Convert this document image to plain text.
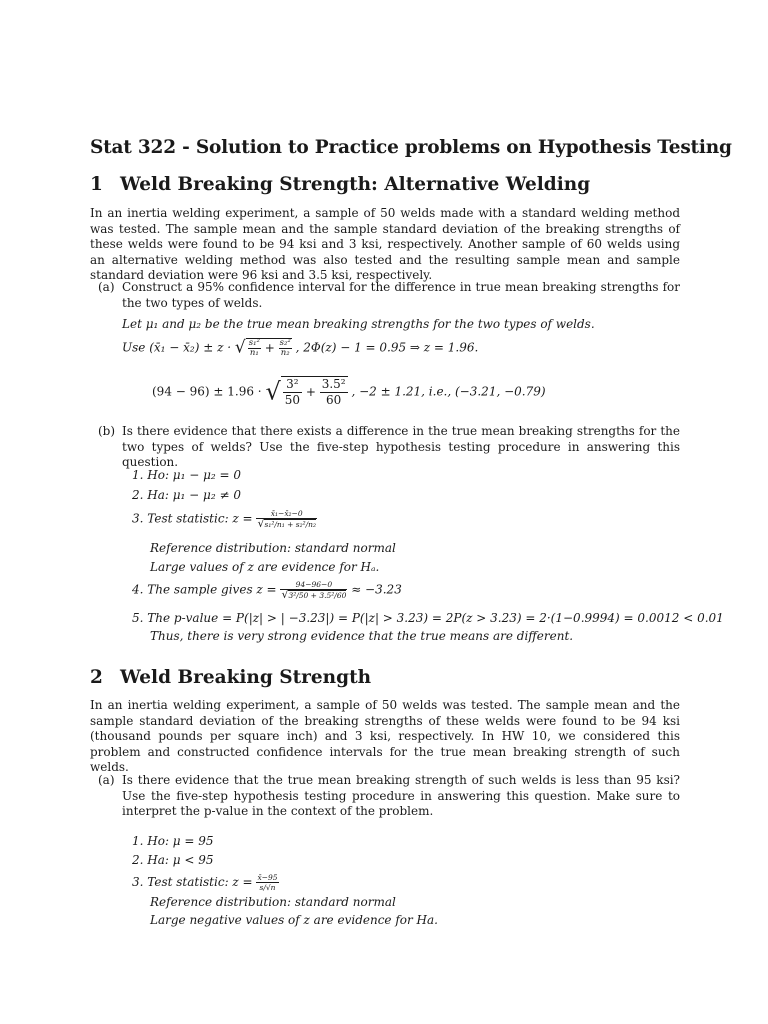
Stat 322 - Solution to Practice problems on Hypothesis Testing
1 Weld Breaking Strength: Alternative Welding
In an inertia welding experiment, a sample of 50 welds made with a standard welding method was tested. The sample mean and the sample standard deviation of the breaking strengths of these welds were found to be 94 ksi and 3 ksi, respectively. Another sample of 60 welds using an alternative welding method was also tested and the resulting sample mean and sample standard deviation were 96 ksi and 3.5 ksi, respectively.
(a) Construct a 95% confidence interval for the difference in true mean breaking strengths for the two types of welds.
Let μ₁ and μ₂ be the true mean breaking strengths for the two types of welds.
Use (x̄₁ − x̄₂) ± z · √ $\frac{\text{s₁²}}{\text{n₁}} + \frac{\text{s₂²}}{\text{n₂}}$ , 2Φ(z) − 1 = 0.95 ⇒ z = 1.96.
(94 − 96) ± 1.96 · √ $\frac{\text{3²}}{50} + \frac{\text{3.5²}}{60}$ , −2 ± 1.21, i.e., (−3.21, −0.79)
(b) Is there evidence that there exists a difference in the true mean breaking strengths for the two types of welds? Use the five-step hypothesis testing procedure in answering this question.
1. Ho: μ₁ − μ₂ = 0
2. Ha: μ₁ − μ₂ ≠ 0
3. Test statistic: $z = \frac{\text{x̄₁−x̄₂−0}}{\text{√s₁²/n₁ + s₂²/n₂}}$
Reference distribution: standard normal
Large values of z are evidence for Hₐ.
4. The sample gives $z = \frac{94-96-0}{\text{√3²/50 + 3.5²/60}} \approx -3.23$
5. The p-value = P(|z| > | −3.23|) = P(|z| > 3.23) = 2P(z > 3.23) = 2·(1−0.9994) = 0.0012 < 0.01
Thus, there is very strong evidence that the true means are different.
2 Weld Breaking Strength
In an inertia welding experiment, a sample of 50 welds was tested. The sample mean and the sample standard deviation of the breaking strengths of these welds were found to be 94 ksi (thousand pounds per square inch) and 3 ksi, respectively. In HW 10, we considered this problem and constructed confidence intervals for the true mean breaking strength of such welds.
(a) Is there evidence that the true mean breaking strength of such welds is less than 95 ksi? Use the five-step hypothesis testing procedure in answering this question. Make sure to interpret the p-value in the context of the problem.
1. Ho: μ = 95
2. Ha: μ < 95
3. Test statistic: $z = \frac{x̄-95}{s/√n}$
Reference distribution: standard normal
Large negative values of z are evidence for Ha.
